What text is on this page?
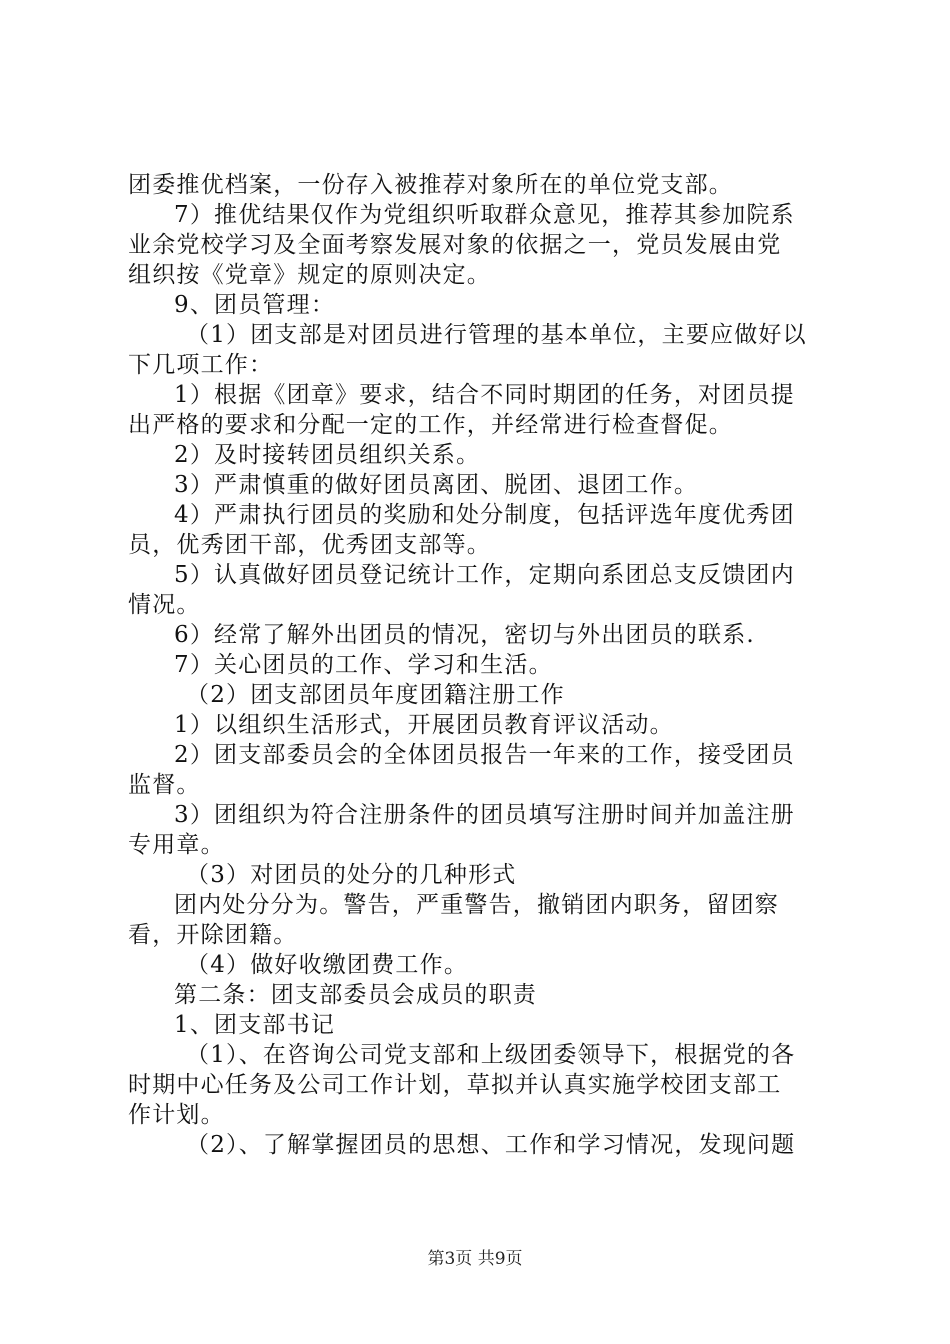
团委推优档案，一份存入被推荐对象所在的单位党支部。
7）推优结果仅作为党组织听取群众意见，推荐其参加院系
业余党校学习及全面考察发展对象的依据之一，党员发展由党
组织按《党章》规定的原则决定。
9、团员管理：
（1）团支部是对团员进行管理的基本单位，主要应做好以
下几项工作：
1）根据《团章》要求，结合不同时期团的任务，对团员提
出严格的要求和分配一定的工作，并经常进行检查督促。
2）及时接转团员组织关系。
3）严肃慎重的做好团员离团、脱团、退团工作。
4）严肃执行团员的奖励和处分制度，包括评选年度优秀团
员，优秀团干部，优秀团支部等。
5）认真做好团员登记统计工作，定期向系团总支反馈团内
情况。
6）经常了解外出团员的情况，密切与外出团员的联系.
7）关心团员的工作、学习和生活。
（2）团支部团员年度团籍注册工作
1）以组织生活形式，开展团员教育评议活动。
2）团支部委员会的全体团员报告一年来的工作，接受团员
监督。
3）团组织为符合注册条件的团员填写注册时间并加盖注册
专用章。
（3）对团员的处分的几种形式
团内处分分为。警告，严重警告，撤销团内职务，留团察
看，开除团籍。
（4）做好收缴团费工作。
第二条：团支部委员会成员的职责
1、团支部书记
（1）、在咨询公司党支部和上级团委领导下，根据党的各
时期中心任务及公司工作计划，草拟并认真实施学校团支部工
作计划。
（2）、了解掌握团员的思想、工作和学习情况，发现问题
第3页 共9页
